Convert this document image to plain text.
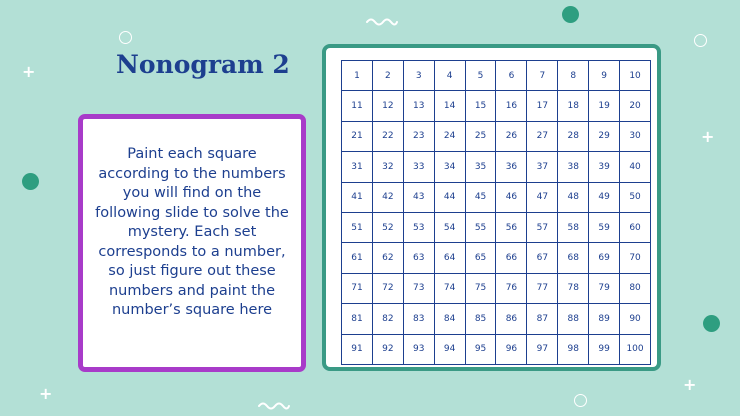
+
+
+	+
Nonogram 2

Paint each square according to the numbers you will find on the following slide to solve the mystery. Each set corresponds to a number, so just figure out these numbers and paint the number’s square here

1	2	3	4	5	6	7	8	9	10
11	12	13	14	15	16	17	18	19	20
21	22	23	24	25	26	27	28	29	30
31	32	33	34	35	36	37	38	39	40
41	42	43	44	45	46	47	48	49	50
51	52	53	54	55	56	57	58	59	60
61	62	63	64	65	66	67	68	69	70
71	72	73	74	75	76	77	78	79	80
81	82	83	84	85	86	87	88	89	90
91	92	93	94	95	96	97	98	99	100
